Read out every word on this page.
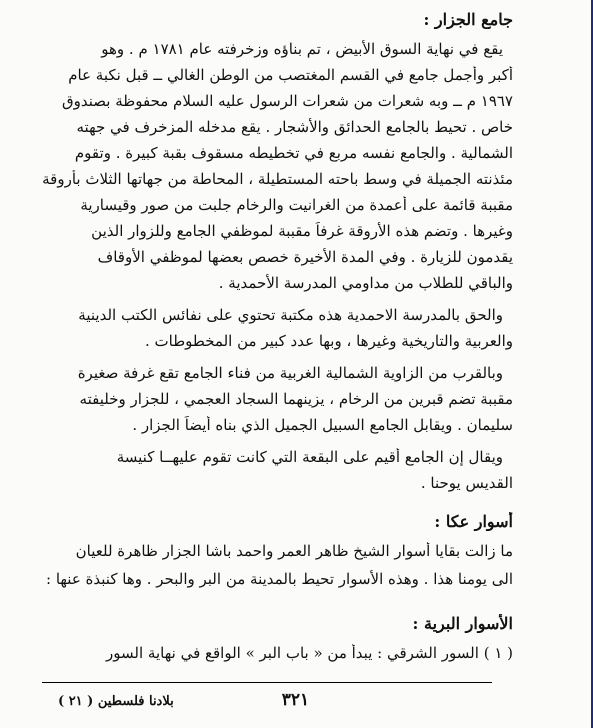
جامع الجزار :
يقع في نهاية السوق الأبيض ، تم بناؤه وزخرفته عام ١٧٨١ م . وهو
أكبر وأجمل جامع في القسم المغتصب من الوطن الغالي ــ قبل نكبة عام
١٩٦٧ م ــ وبه شعرات من شعرات الرسول عليه السلام محفوظة بصندوق
خاص . تحيط بالجامع الحدائق والأشجار . يقع مدخله المزخرف في جهته
الشمالية . والجامع نفسه مربع في تخطيطه مسقوف بقبة كبيرة . وتقوم
مئذنته الجميلة في وسط باحته المستطيلة ، المحاطة من جهاتها الثلاث بأروقة
مقببة قائمة على أعمدة من الغرانيت والرخام جلبت من صور وقيسارية
وغيرها . وتضم هذه الأروقة غرفاً مقببة لموظفي الجامع وللزوار الذين
يقدمون للزيارة . وفي المدة الأخيرة خصص بعضها لموظفي الأوقاف
والباقي للطلاب من مداومي المدرسة الأحمدية .
والحق بالمدرسة الاحمدية هذه مكتبة تحتوي على نفائس الكتب الدينية
والعربية والتاريخية وغيرها ، وبها عدد كبير من المخطوطات .
وبالقرب من الزاوية الشمالية الغربية من فناء الجامع تقع غرفة صغيرة
مقببة تضم قبرين من الرخام ، يزينهما السجاد العجمي ، للجزار وخليفته
سليمان . ويقابل الجامع السبيل الجميل الذي بناه أيضاً الجزار .
ويقال إن الجامع أقيم على البقعة التي كانت تقوم عليهــا كنيسة
القديس يوحنا .
أسوار عكا :
ما زالت بقايا أسوار الشيخ ظاهر العمر واحمد باشا الجزار ظاهرة للعيان
الى يومنا هذا . وهذه الأسوار تحيط بالمدينة من البر والبحر . وها كنبذة عنها :
الأسوار البرية :
( ١ ) السور الشرقي : يبدأ من « باب البر » الواقع في نهاية السور
٣٢١
بلادنا فلسطين ( ٢١ )
